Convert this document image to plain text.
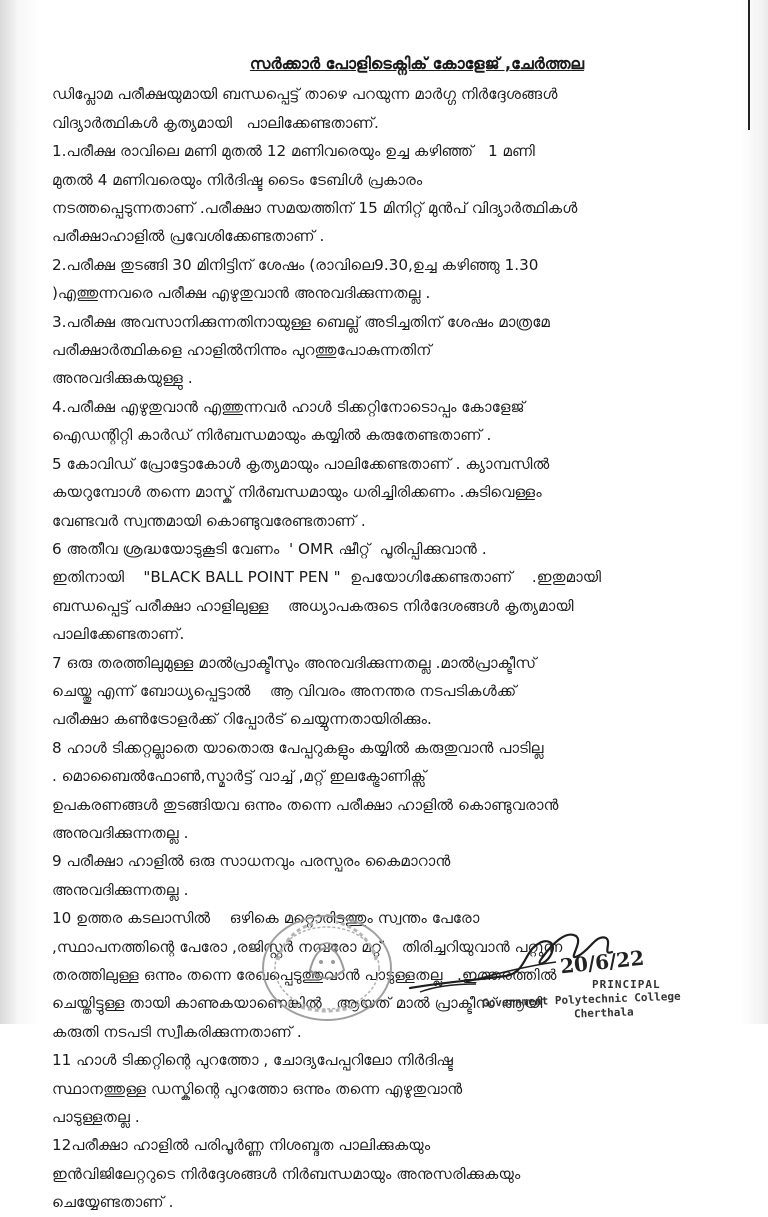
സർക്കാർ പോളിടെക്നിക് കോളേജ് ,ചേർത്തല

ഡിപ്ലോമ പരീക്ഷയുമായി ബന്ധപ്പെട്ട് താഴെ പറയുന്ന മാർഗ്ഗ നിർദ്ദേശങ്ങൾ
വിദ്യാർത്ഥികൾ കൃത്യമായി   പാലിക്കേണ്ടതാണ്.

1.പരീക്ഷ രാവിലെ മണി മുതൽ 12 മണിവരെയും ഉച്ച കഴിഞ്ഞ്   1 മണി
മുതൽ 4 മണിവരെയും നിർദിഷ്ട ടൈം ടേബിൾ പ്രകാരം
നടത്തപ്പെടുന്നതാണ് .പരീക്ഷാ സമയത്തിന് 15 മിനിറ്റ് മുൻപ് വിദ്യാർത്ഥികൾ
പരീക്ഷാഹാളിൽ പ്രവേശിക്കേണ്ടതാണ് .

2.പരീക്ഷ തുടങ്ങി 30 മിനിട്ടിന് ശേഷം (രാവിലെ9.30,ഉച്ച കഴിഞ്ഞു 1.30
)എത്തുന്നവരെ പരീക്ഷ എഴുതുവാൻ അനുവദിക്കുന്നതല്ല .

3.പരീക്ഷ അവസാനിക്കുന്നതിനായുള്ള ബെല്ല് അടിച്ചതിന് ശേഷം മാത്രമേ
പരീക്ഷാർത്ഥികളെ ഹാളിൽനിന്നും പുറത്തുപോകുന്നതിന്
അനുവദിക്കുകയുള്ളു .

4.പരീക്ഷ എഴുതുവാൻ എത്തുന്നവർ ഹാൾ ടിക്കറ്റിനോടൊപ്പം കോളേജ്
ഐഡന്റിറ്റി കാർഡ് നിർബന്ധമായും കയ്യിൽ കരുതേണ്ടതാണ് .

5 കോവിഡ് പ്രോട്ടോകോൾ കൃത്യമായും പാലിക്കേണ്ടതാണ് . ക്യാമ്പസിൽ
കയറുമ്പോൾ തന്നെ മാസ്ക് നിർബന്ധമായും ധരിച്ചിരിക്കണം .കുടിവെള്ളം
വേണ്ടവർ സ്വന്തമായി കൊണ്ടുവരേണ്ടതാണ് .

6 അതീവ ശ്രദ്ധയോടുകൂടി വേണം  ' OMR ഷീറ്റ്  പൂരിപ്പിക്കുവാൻ .
ഇതിനായി    "BLACK BALL POINT PEN "  ഉപയോഗിക്കേണ്ടതാണ്    .ഇതുമായി
ബന്ധപ്പെട്ട് പരീക്ഷാ ഹാളിലുള്ള    അധ്യാപകരുടെ നിർദേശങ്ങൾ കൃത്യമായി
പാലിക്കേണ്ടതാണ്.

7 ഒരു തരത്തിലുമുള്ള മാൽപ്രാക്ടീസും അനുവദിക്കുന്നതല്ല .മാൽപ്രാക്ടീസ്
ചെയ്തു എന്ന് ബോധ്യപ്പെട്ടാൽ    ആ വിവരം അനന്തര നടപടികൾക്ക്
പരീക്ഷാ കൺട്രോളർക്ക് റിപ്പോർട് ചെയ്യുന്നതായിരിക്കും.

8 ഹാൾ ടിക്കറ്റല്ലാതെ യാതൊരു പേപ്പറുകളും കയ്യിൽ കരുതുവാൻ പാടില്ല
. മൊബൈൽഫോൺ,സ്മാർട്ട് വാച്ച് ,മറ്റ് ഇലക്ട്രോണിക്സ്
ഉപകരണങ്ങൾ തുടങ്ങിയവ ഒന്നും തന്നെ പരീക്ഷാ ഹാളിൽ കൊണ്ടുവരാൻ
അനുവദിക്കുന്നതല്ല .

9 പരീക്ഷാ ഹാളിൽ ഒരു സാധനവും പരസ്പരം കൈമാറാൻ
അനുവദിക്കുന്നതല്ല .

10 ഉത്തര കടലാസിൽ    ഒഴികെ മറ്റൊരിടത്തും സ്വന്തം പേരോ
,സ്ഥാപനത്തിന്റെ പേരോ ,രജിസ്റ്റർ നമ്പരോ മറ്റ്    തിരിച്ചറിയുവാൻ പറ്റുന്ന
തരത്തിലുള്ള ഒന്നും തന്നെ രേഖപ്പെടുത്തുവാൻ പാടുള്ളതല്ല   .ഇത്തരത്തിൽ
ചെയ്തിട്ടുള്ള തായി കാണുകയാണെങ്കിൽ   ആയത് മാൽ പ്രാക്ടീസ് ആയി
കരുതി നടപടി സ്വീകരിക്കുന്നതാണ് .

11 ഹാൾ ടിക്കറ്റിന്റെ പുറത്തോ , ചോദ്യപേപ്പറിലോ നിർദിഷ്ട
സ്ഥാനത്തുള്ള ഡസ്കിന്റെ പുറത്തോ ഒന്നും തന്നെ എഴുതുവാൻ
പാടുള്ളതല്ല .

12പരീക്ഷാ ഹാളിൽ പരിപൂർണ്ണ നിശബ്ദത പാലിക്കുകയും
ഇൻവിജിലേറ്ററുടെ നിർദ്ദേശങ്ങൾ നിർബന്ധമായും അനുസരിക്കുകയും
ചെയ്യേണ്ടതാണ് .

20/6/22
PRINCIPAL
Government Polytechnic College
Cherthala
